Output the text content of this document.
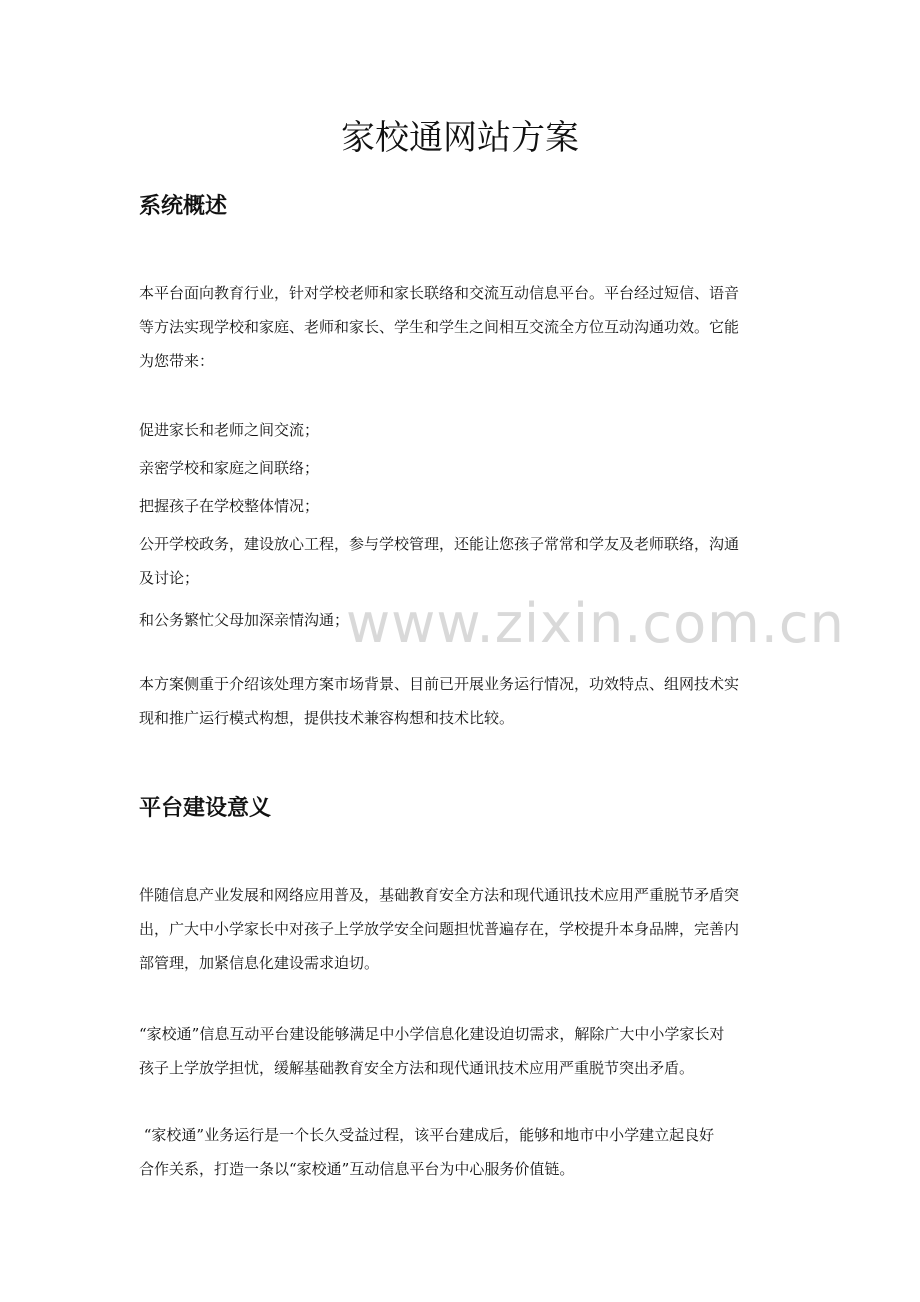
家校通网站方案
系统概述
本平台面向教育行业，针对学校老师和家长联络和交流互动信息平台。平台经过短信、语音
等方法实现学校和家庭、老师和家长、学生和学生之间相互交流全方位互动沟通功效。它能
为您带来：
促进家长和老师之间交流；
亲密学校和家庭之间联络；
把握孩子在学校整体情况；
公开学校政务，建设放心工程，参与学校管理，还能让您孩子常常和学友及老师联络，沟通
及讨论；
和公务繁忙父母加深亲情沟通；
本方案侧重于介绍该处理方案市场背景、目前已开展业务运行情况，功效特点、组网技术实
现和推广运行模式构想，提供技术兼容构想和技术比较。
平台建设意义
伴随信息产业发展和网络应用普及，基础教育安全方法和现代通讯技术应用严重脱节矛盾突
出，广大中小学家长中对孩子上学放学安全问题担忧普遍存在，学校提升本身品牌，完善内
部管理，加紧信息化建设需求迫切。
“家校通”信息互动平台建设能够满足中小学信息化建设迫切需求，解除广大中小学家长对
孩子上学放学担忧，缓解基础教育安全方法和现代通讯技术应用严重脱节突出矛盾。
“家校通”业务运行是一个长久受益过程，该平台建成后，能够和地市中小学建立起良好
合作关系，打造一条以“家校通”互动信息平台为中心服务价值链。
www.zixin.com.cn
